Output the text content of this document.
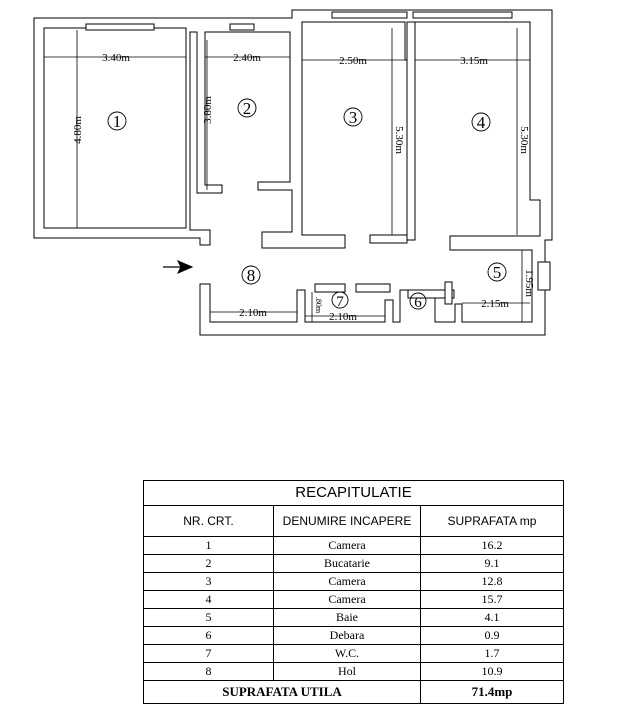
3.40m
4.80m
2.40m
3.80m
2.50m
5.30m
3.15m
5.30m
2.10m	2.10m
.80m	2.15m
1.95m
1
2	3	4
5
6
7
8
RECAPITULATIE		
NR. CRT.	DENUMIRE INCAPERE	SUPRAFATA mp
1	Camera	16.2
2	Bucatarie	9.1
3	Camera	12.8
4	Camera	15.7
5	Baie	4.1
6	Debara	0.9
7	W.C.	1.7
8	Hol	10.9
SUPRAFATA UTILA		71.4mp
